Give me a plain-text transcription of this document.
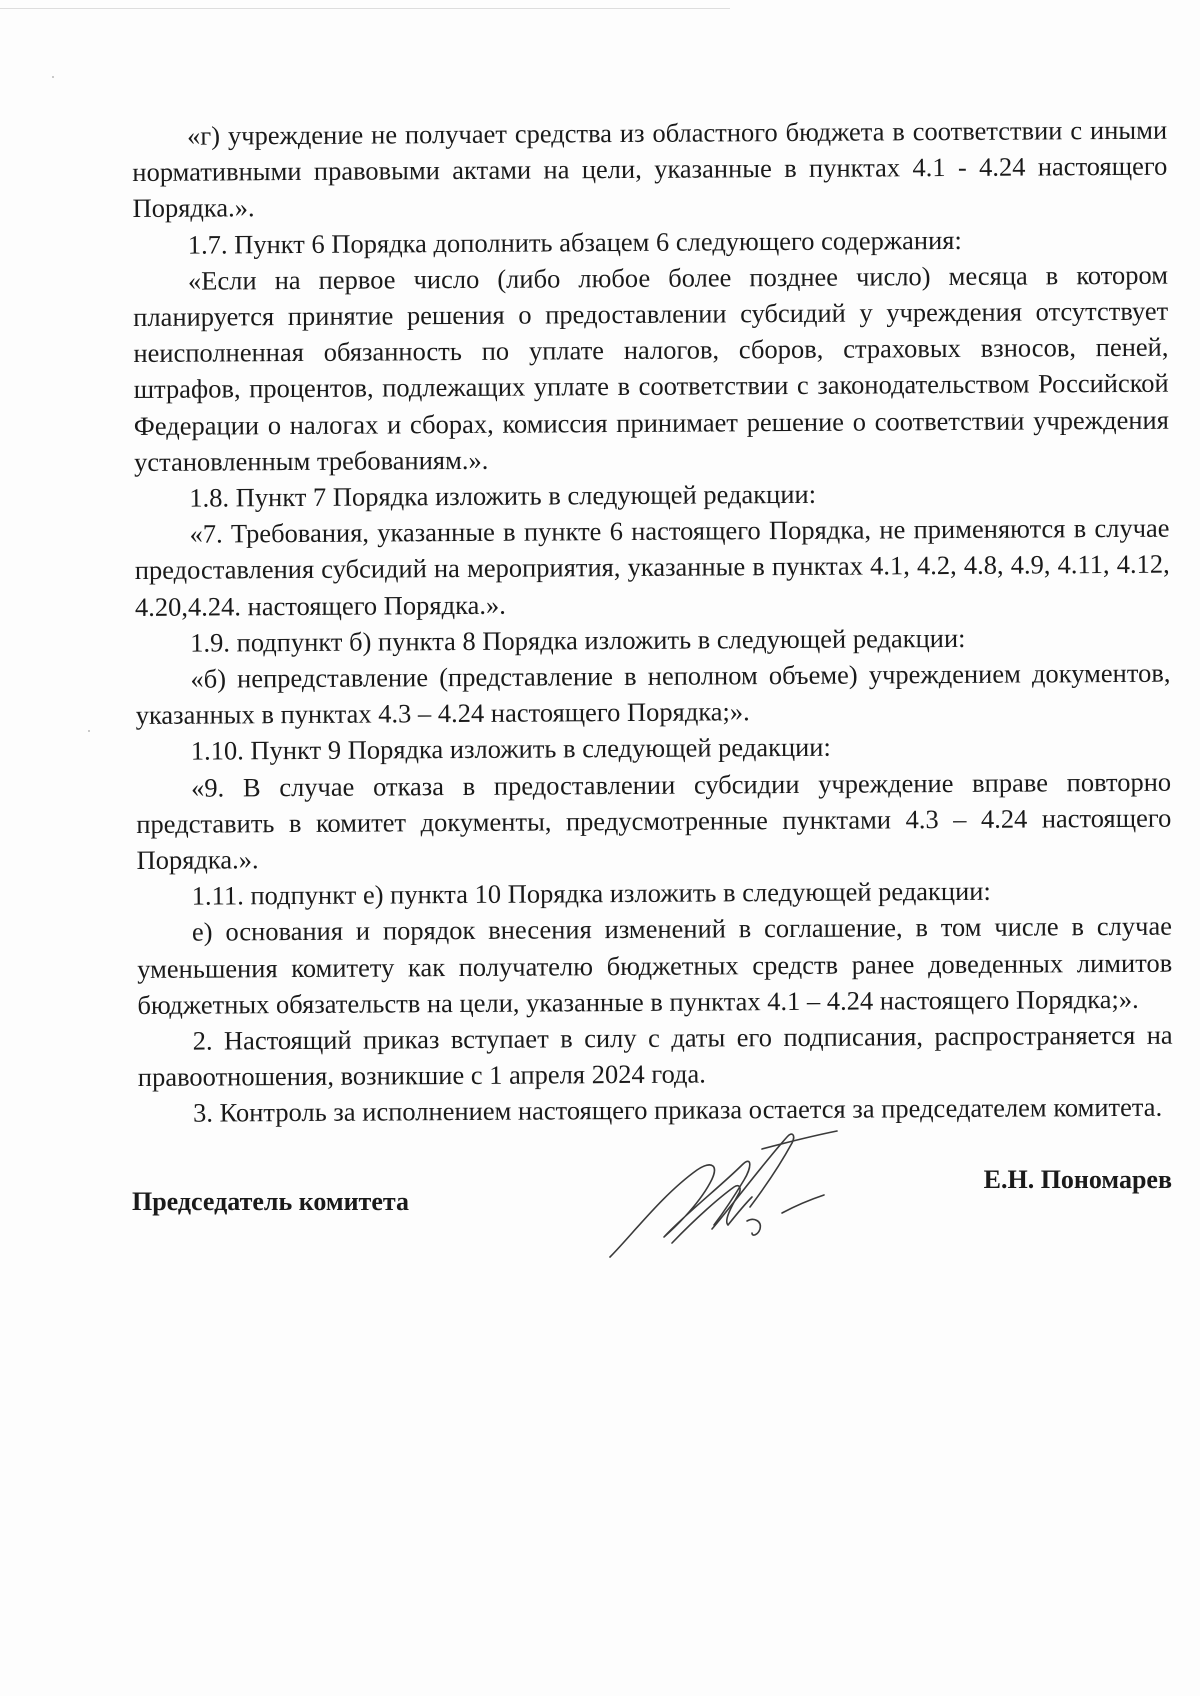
«г) учреждение не получает средства из областного бюджета в соответствии с иными нормативными правовыми актами на цели, указанные в пунктах 4.1 - 4.24 настоящего Порядка.».

1.7. Пункт 6 Порядка дополнить абзацем 6 следующего содержания:

«Если на первое число (либо любое более позднее число) месяца в котором планируется принятие решения о предоставлении субсидий у учреждения отсутствует неисполненная обязанность по уплате налогов, сборов, страховых взносов, пеней, штрафов, процентов, подлежащих уплате в соответствии с законодательством Российской Федерации о налогах и сборах, комиссия принимает решение о соответствии учреждения установленным требованиям.».

1.8. Пункт 7 Порядка изложить в следующей редакции:

«7. Требования, указанные в пункте 6 настоящего Порядка, не применяются в случае предоставления субсидий на мероприятия, указанные в пунктах 4.1, 4.2, 4.8, 4.9, 4.11, 4.12, 4.20,4.24. настоящего Порядка.».

1.9. подпункт б) пункта 8 Порядка изложить в следующей редакции:

«б) непредставление (представление в неполном объеме) учреждением документов, указанных в пунктах 4.3 – 4.24 настоящего Порядка;».

1.10. Пункт 9 Порядка изложить в следующей редакции:

«9. В случае отказа в предоставлении субсидии учреждение вправе повторно представить в комитет документы, предусмотренные пунктами 4.3 – 4.24 настоящего Порядка.».

1.11. подпункт е) пункта 10 Порядка изложить в следующей редакции:

е) основания и порядок внесения изменений в соглашение, в том числе в случае уменьшения комитету как получателю бюджетных средств ранее доведенных лимитов бюджетных обязательств на цели, указанные в пунктах 4.1 – 4.24 настоящего Порядка;».

2. Настоящий приказ вступает в силу с даты его подписания, распространяется на правоотношения, возникшие с 1 апреля 2024 года.

3. Контроль за исполнением настоящего приказа остается за председателем комитета.

Председатель комитета
Е.Н. Пономарев
